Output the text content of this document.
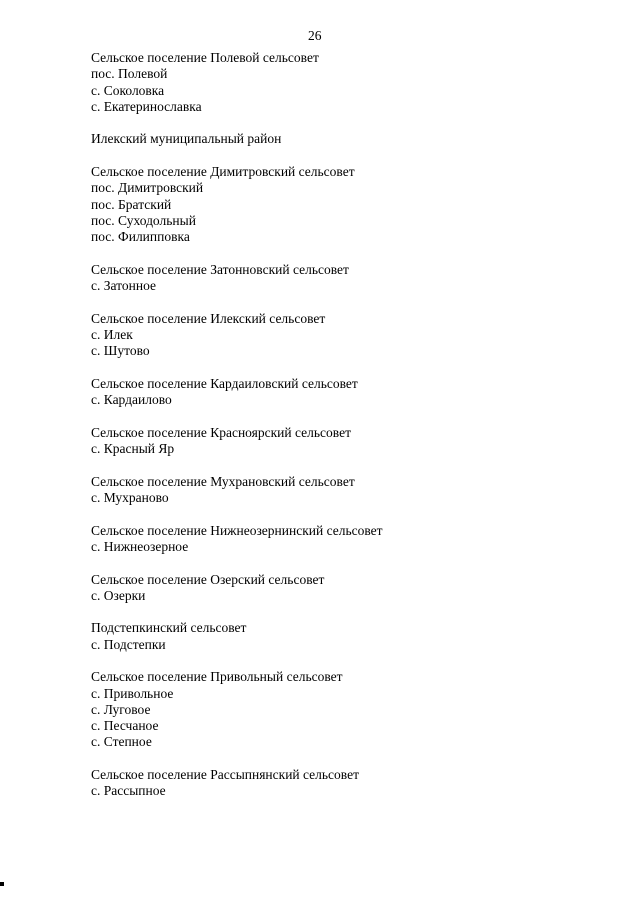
26
Сельское поселение Полевой сельсовет
пос. Полевой
с. Соколовка
с. Екатеринославка
Илекский муниципальный район
Сельское поселение Димитровский сельсовет
пос. Димитровский
пос. Братский
пос. Суходольный
пос. Филипповка
Сельское поселение Затонновский сельсовет
с. Затонное
Сельское поселение Илекский сельсовет
с. Илек
с. Шутово
Сельское поселение Кардаиловский сельсовет
с. Кардаилово
Сельское поселение Красноярский сельсовет
с. Красный Яр
Сельское поселение Мухрановский сельсовет
с. Мухраново
Сельское поселение Нижнеозернинский сельсовет
с. Нижнеозерное
Сельское поселение Озерский сельсовет
с. Озерки
Подстепкинский сельсовет
с. Подстепки
Сельское поселение Привольный сельсовет
с. Привольное
с. Луговое
с. Песчаное
с. Степное
Сельское поселение Рассыпнянский сельсовет
с. Рассыпное
